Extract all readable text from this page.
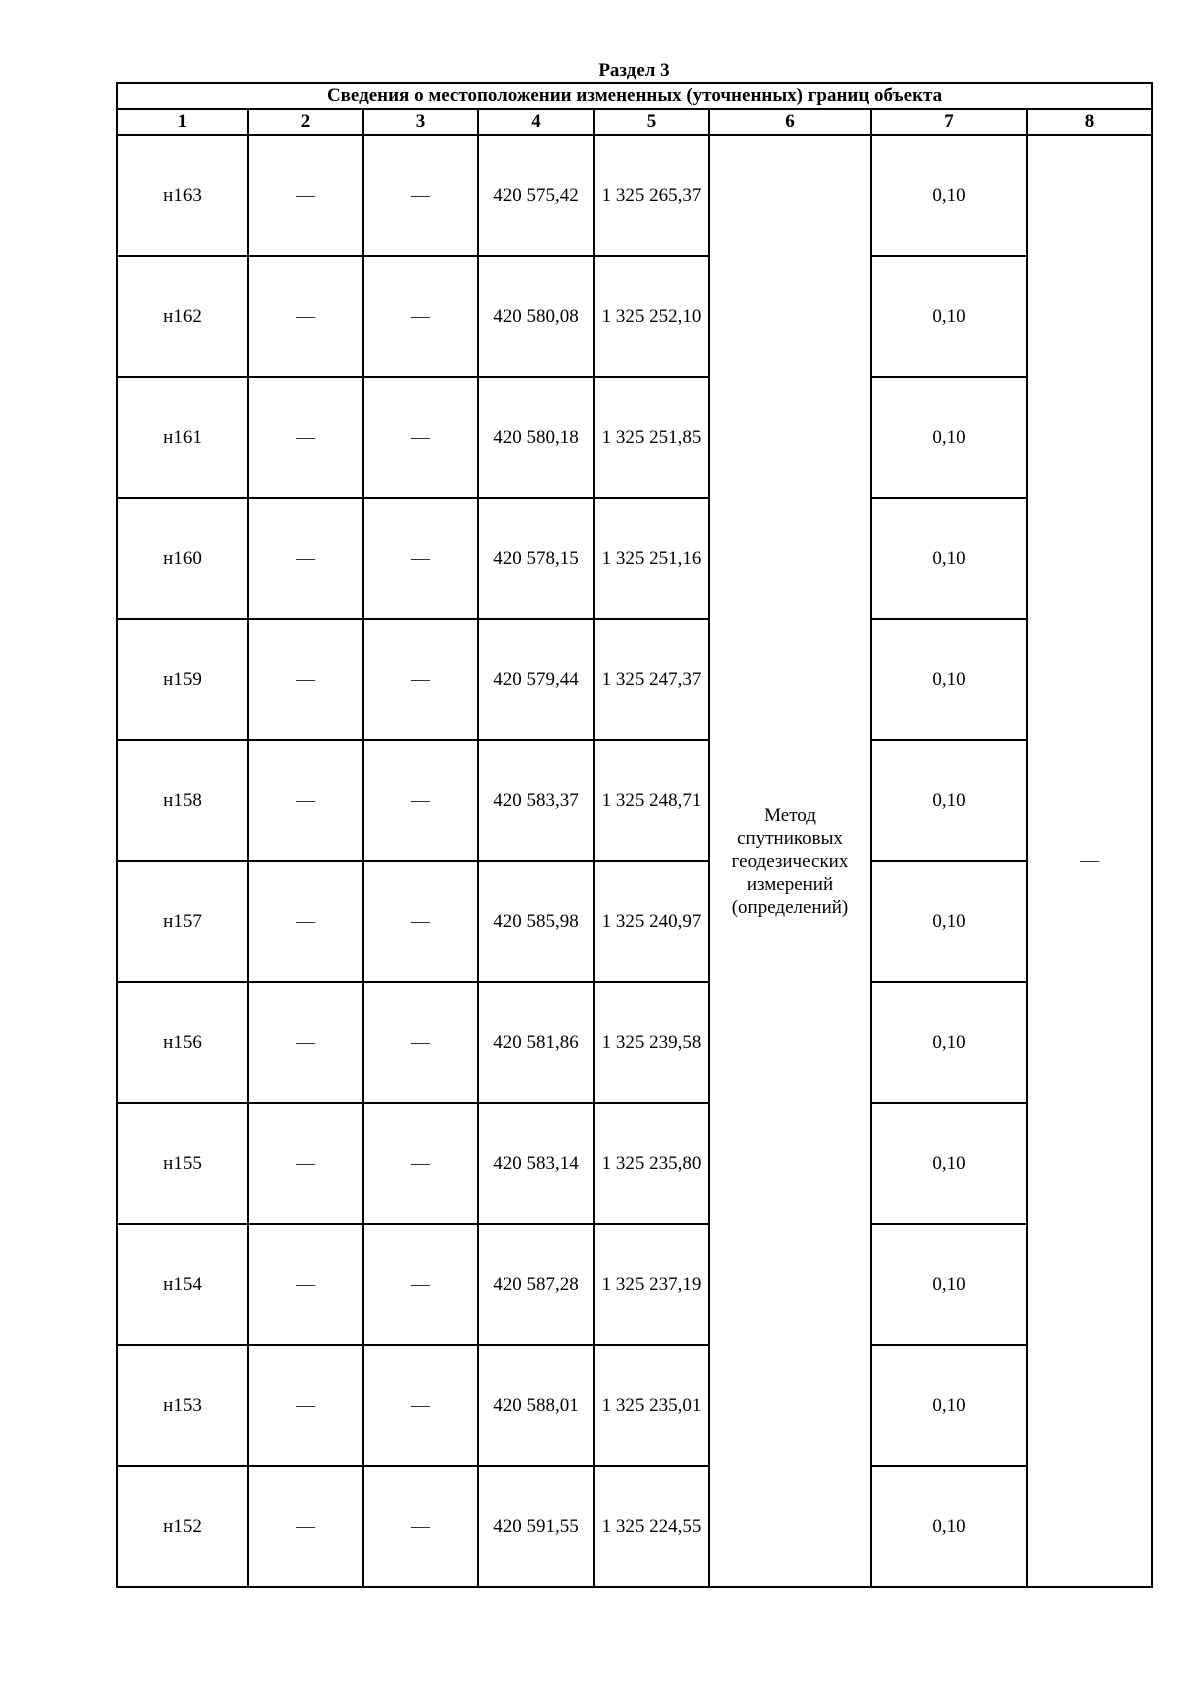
Раздел 3
Сведения о местоположении измененных (уточненных) границ объекта							
1	2	3	4	5	6	7	8
н163	—	—	420 575,42	1 325 265,37	Метод спутниковых геодезических измерений (определений)	0,10	—
н162	—	—	420 580,08	1 325 252,10		0,10	
н161	—	—	420 580,18	1 325 251,85		0,10	
н160	—	—	420 578,15	1 325 251,16		0,10	
н159	—	—	420 579,44	1 325 247,37		0,10	
н158	—	—	420 583,37	1 325 248,71		0,10	
н157	—	—	420 585,98	1 325 240,97		0,10	
н156	—	—	420 581,86	1 325 239,58		0,10	
н155	—	—	420 583,14	1 325 235,80		0,10	
н154	—	—	420 587,28	1 325 237,19		0,10	
н153	—	—	420 588,01	1 325 235,01		0,10	
н152	—	—	420 591,55	1 325 224,55		0,10	
